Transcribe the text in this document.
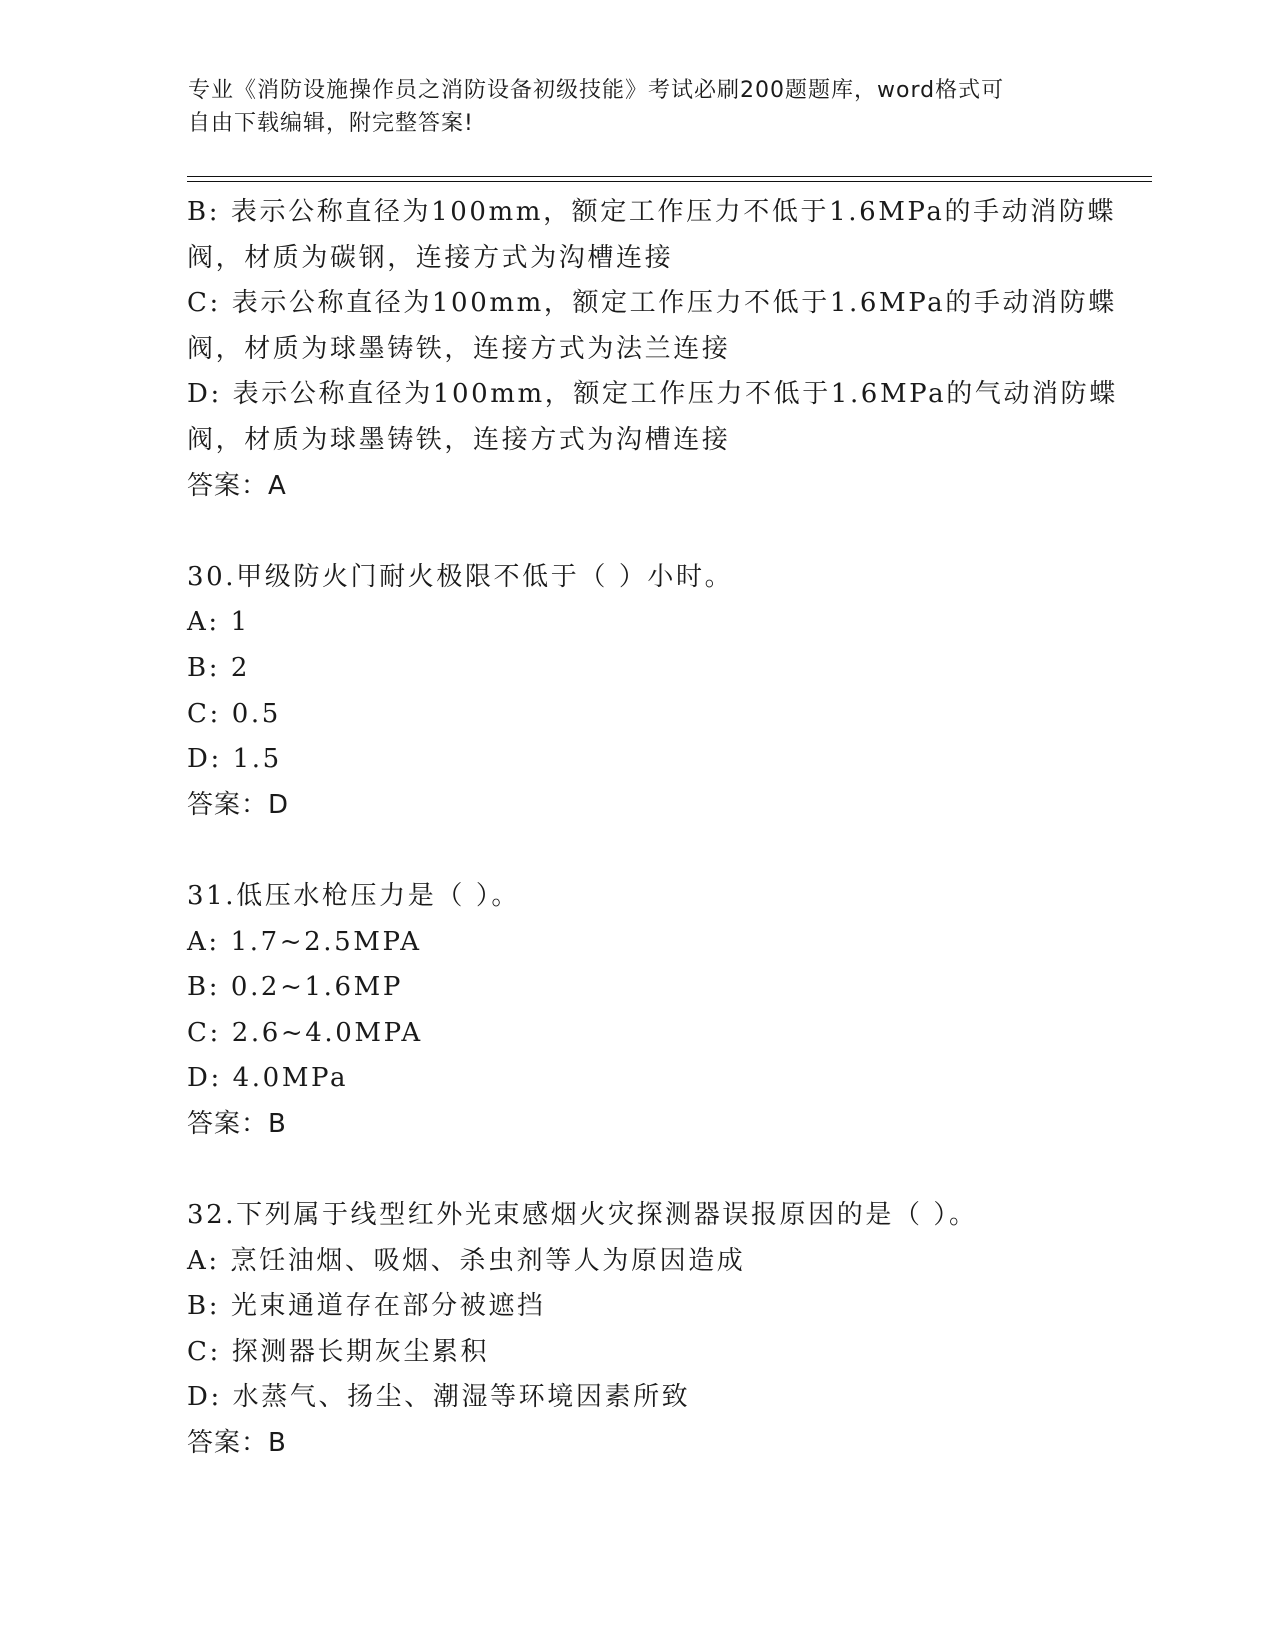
专业《消防设施操作员之消防设备初级技能》考试必刷200题题库，word格式可
自由下载编辑，附完整答案!
B: 表示公称直径为100mm，额定工作压力不低于1.6MPa的手动消防蝶
阀，材质为碳钢，连接方式为沟槽连接
C: 表示公称直径为100mm，额定工作压力不低于1.6MPa的手动消防蝶
阀，材质为球墨铸铁，连接方式为法兰连接
D: 表示公称直径为100mm，额定工作压力不低于1.6MPa的气动消防蝶
阀，材质为球墨铸铁，连接方式为沟槽连接
答案：A
30.甲级防火门耐火极限不低于（ ）小时。
A: 1
B: 2
C: 0.5
D: 1.5
答案：D
31.低压水枪压力是（ ）。
A: 1.7~2.5MPA
B: 0.2~1.6MP
C: 2.6~4.0MPA
D: 4.0MPa
答案：B
32.下列属于线型红外光束感烟火灾探测器误报原因的是（ ）。
A: 烹饪油烟、吸烟、杀虫剂等人为原因造成
B: 光束通道存在部分被遮挡
C: 探测器长期灰尘累积
D: 水蒸气、扬尘、潮湿等环境因素所致
答案：B
